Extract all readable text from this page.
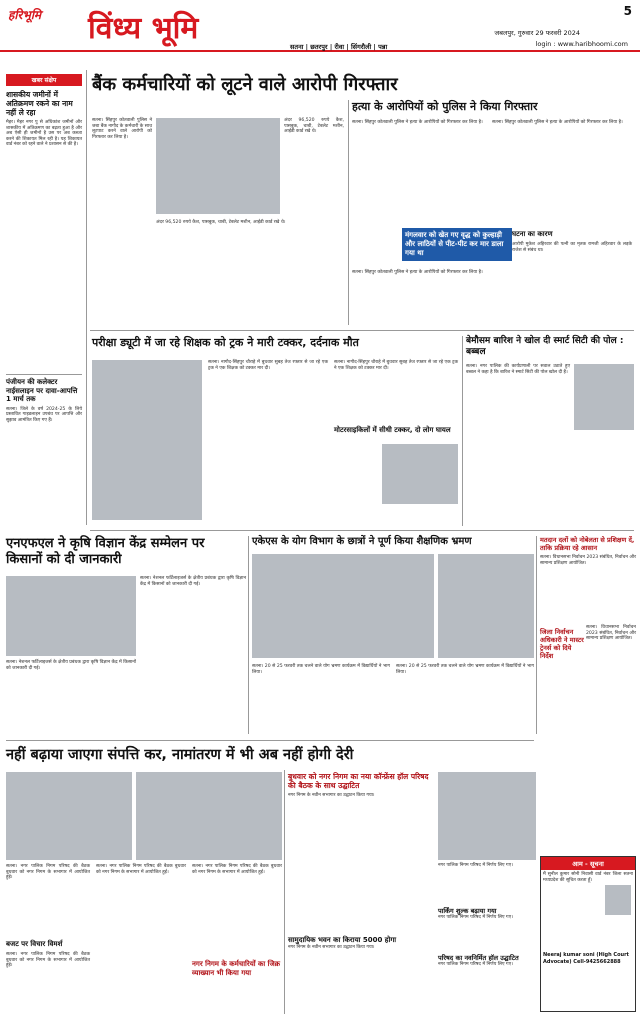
हरिभूमि विंध्य भूमि	5
जबलपुर, गुरुवार 29 फरवरी 2024
सतना | छतरपुर | रीवा | सिंगरौली | पन्ना	login : www.haribhoomi.com
खबर संक्षेप
शासकीय जमीनों में अतिक्रमण रकने का नाम नहीं ले रहा
मैहर। मैहर नगर पु से अधिकांश जमीनों और शासकीय में अतिक्रमण का बढ़ता हुआ है और अब ऐसी ही जमीनों है उस पर अब कब्जा करने की शिकायत मिल रही है। यह शिकायत वार्ड नंबर को रहने वाले ने प्रशासन से की है।
पंजीयन की कलेक्टर नाईसलाइन पर दावा-आपत्ति 1 मार्च तक
सतना। जिले के वर्ष 2024-25 के लिये प्रस्तावित गाइडलाइन उपबंध पर आपत्ति और सुझाव आमंत्रित किए गए हैं।
बैंक कर्मचारियों को लूटने वाले आरोपी गिरफ्तार
सतना। सिंहपुर कोतवाली पुलिस ने जबा बैंक नागौद के कर्मचारी के साथ लूटपाट करने वाले आरोपी को गिरफ्तार कर लिया है।
अंदर 96,520 रुपये कैश, पासबुक, चाबी, टेबलेट मशीन, आईडी कार्ड रखे थे।
अंदर 96,520 रुपये कैश, पासबुक, चाबी, टेबलेट मशीन, आईडी कार्ड रखे थे।
हत्या के आरोपियों को पुलिस ने किया गिरफ्तार
सतना। सिंहपुर कोतवाली पुलिस ने हत्या के आरोपियों को गिरफ्तार कर लिया है।
मंगलवार को खेत गए वृद्ध को कुल्हाड़ी और लाठियों से पीट-पीट कर मार डाला गया था
सतना। सिंहपुर कोतवाली पुलिस ने हत्या के आरोपियों को गिरफ्तार कर लिया है।
सतना। सिंहपुर कोतवाली पुलिस ने हत्या के आरोपियों को गिरफ्तार कर लिया है।
घटना का कारण
आरोपी मुकेश अहिरवार की पत्नी का मृतक रामजी अहिरवार के लड़के राजेश से संबंध था।
परीक्षा ड्यूटी में जा रहे शिक्षक को ट्रक ने मारी टक्कर, दर्दनाक मौत
सतना। नागौद-सिंहपुर चौराहे में बुधवार सुबह तेज रफ्तार से जा रहे एक ट्रक ने एक शिक्षक को टक्कर मार दी।
सतना। नागौद-सिंहपुर चौराहे में बुधवार सुबह तेज रफ्तार से जा रहे एक ट्रक ने एक शिक्षक को टक्कर मार दी।
मोटरसाइकिलों में सीधी टक्कर, दो लोग घायल
बेमौसम बारिश ने खोल दी स्मार्ट सिटी की पोल : बब्बल
सतना। नगर पालिक की कार्यप्रणाली पर सवाल उठाते हुए बब्बल ने कहा है कि बारिश ने स्मार्ट सिटी की पोल खोल दी है।
एनएफएल ने कृषि विज्ञान केंद्र सम्मेलन पर किसानों को दी जानकारी
सतना। नेशनल फर्टिलाइजर्स के क्षेत्रीय प्रबंधक द्वारा कृषि विज्ञान केंद्र में किसानों को जानकारी दी गई।
सतना। नेशनल फर्टिलाइजर्स के क्षेत्रीय प्रबंधक द्वारा कृषि विज्ञान केंद्र में किसानों को जानकारी दी गई।
एकेएस के योग विभाग के छात्रों ने पूर्ण किया शैक्षणिक भ्रमण
सतना। 20 से 25 फरवरी तक चलने वाले योग भ्रमण कार्यक्रम में विद्यार्थियों ने भाग लिया।
सतना। 20 से 25 फरवरी तक चलने वाले योग भ्रमण कार्यक्रम में विद्यार्थियों ने भाग लिया।
मतदान दलों को नोबेलता से प्रशिक्षण दें, ताकि प्रक्रिया रहे आसान
सतना। विधानसभा निर्वाचन 2023 संबंधित, निर्वाचन और सामान्य प्रशिक्षण आयोजित।
जिला निर्वाचन अधिकारी ने मास्टर ट्रेनर्स को दिये निर्देश
सतना। विधानसभा निर्वाचन 2023 संबंधित, निर्वाचन और सामान्य प्रशिक्षण आयोजित।
नहीं बढ़ाया जाएगा संपत्ति कर, नामांतरण में भी अब नहीं होगी देरी
सतना। नगर पालिक निगम परिषद की बैठक बुधवार को नगर निगम के सभागार में आयोजित हुई।
बजट पर विचार विमर्श
सतना। नगर पालिक निगम परिषद की बैठक बुधवार को नगर निगम के सभागार में आयोजित हुई।
सतना। नगर पालिक निगम परिषद की बैठक बुधवार को नगर निगम के सभागार में आयोजित हुई।
सतना। नगर पालिक निगम परिषद की बैठक बुधवार को नगर निगम के सभागार में आयोजित हुई।
नगर निगम के कर्मचारियों का जिक्र व्याख्यान भी किया गया
बुधवार को नगर निगम का नया कॉन्फ्रेंस हॉल परिषद की बैठक के साथ उद्घाटित
नगर निगम के नवीन सभागार का उद्घाटन किया गया।
सामुदायिक भवन का किराया 5000 होगा
नगर निगम के नवीन सभागार का उद्घाटन किया गया।
नगर पालिक निगम परिषद में निर्णय लिए गए।
पार्किंग शुल्क बढ़ाया गया
नगर पालिक निगम परिषद में निर्णय लिए गए।
परिषद का नवनिर्मित हॉल उद्घाटित
नगर पालिक निगम परिषद में निर्णय लिए गए।
आम - सूचना
मैं सुनील कुमार सोनी निवासी वार्ड नंबर जिला सतना मध्यप्रदेश की सूचित करता हूँ।
Neeraj kumar soni (High Court Advocate) Cell-9425662888
